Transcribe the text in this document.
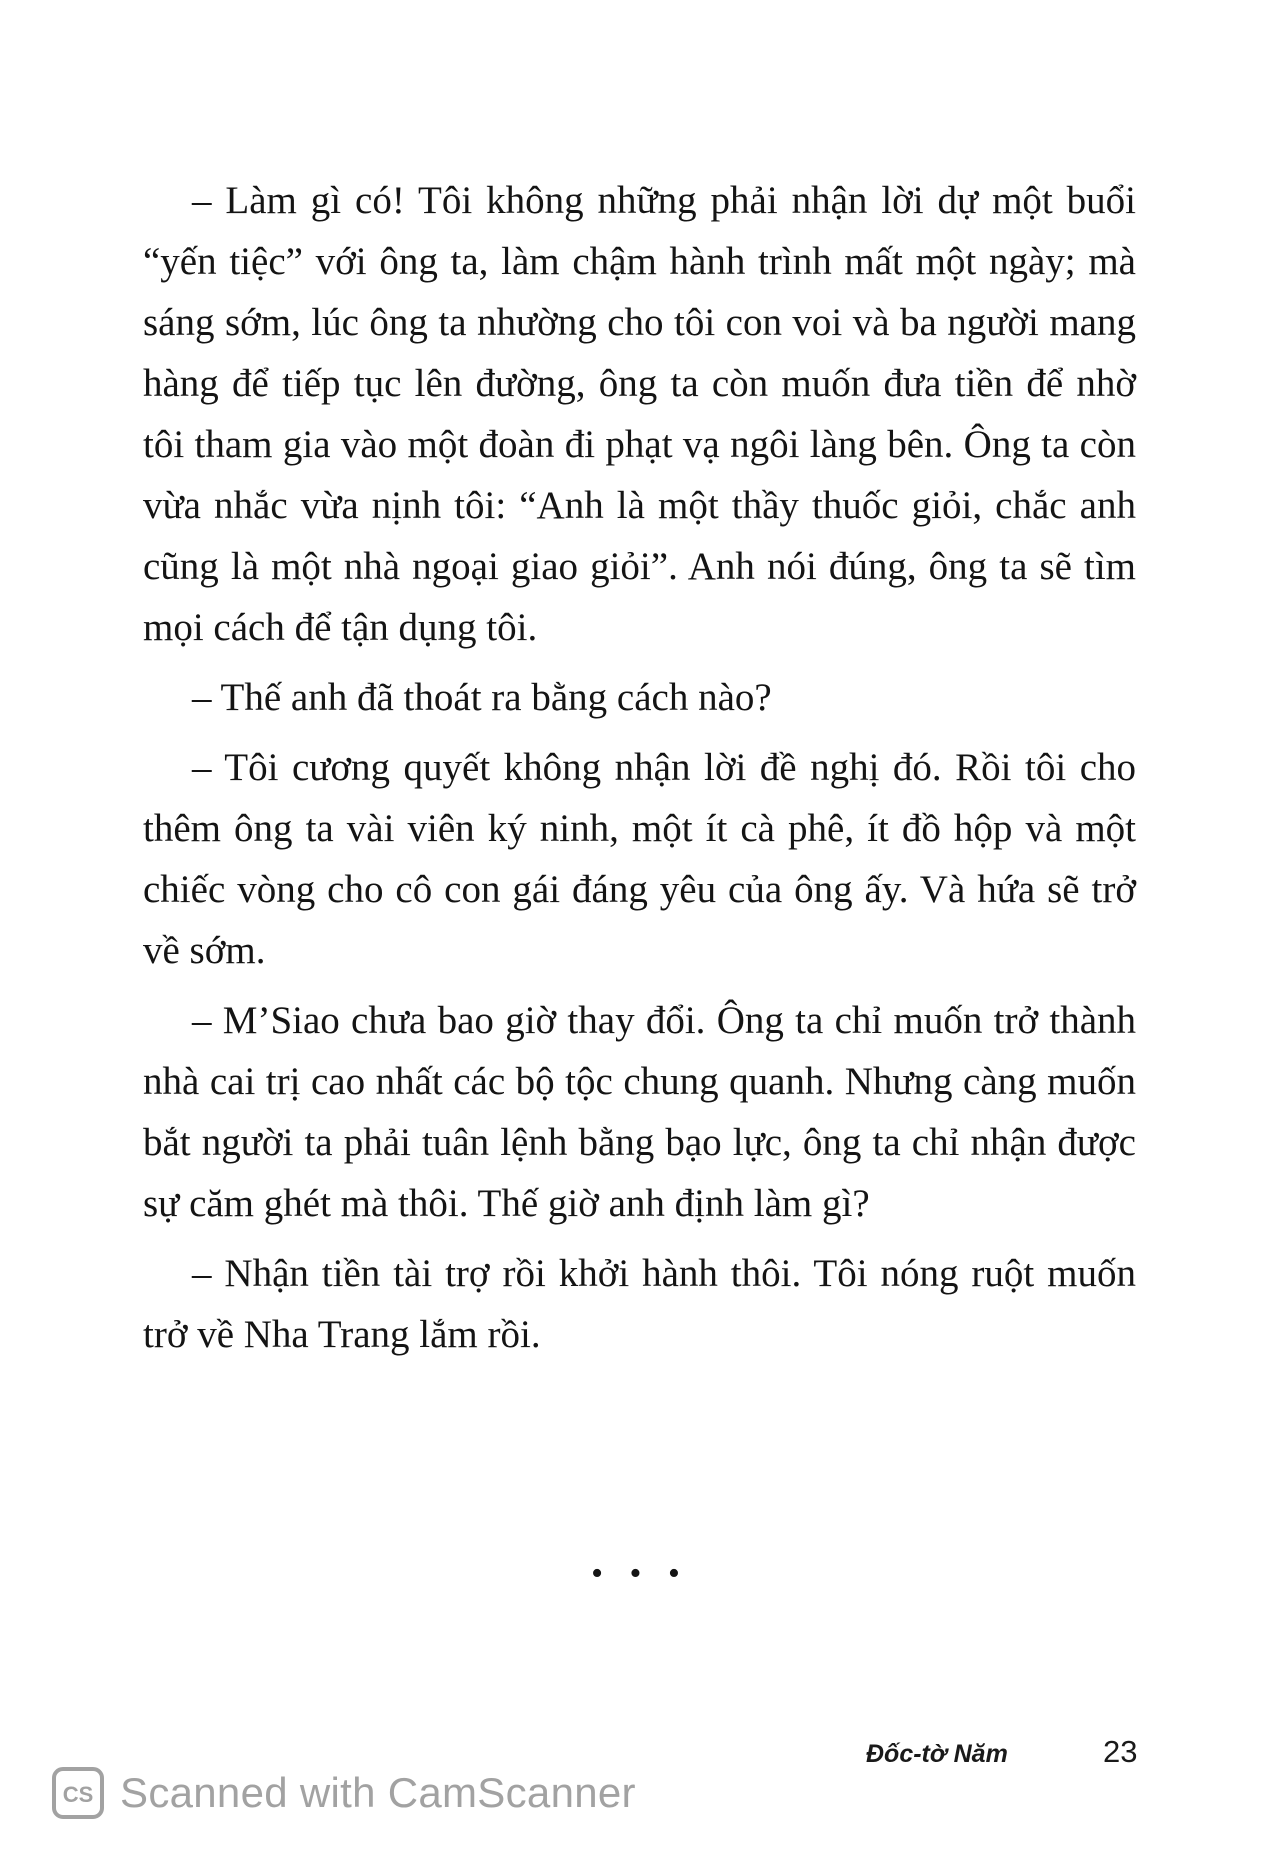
– Làm gì có! Tôi không những phải nhận lời dự một buổi “yến tiệc” với ông ta, làm chậm hành trình mất một ngày; mà sáng sớm, lúc ông ta nhường cho tôi con voi và ba người mang hàng để tiếp tục lên đường, ông ta còn muốn đưa tiền để nhờ tôi tham gia vào một đoàn đi phạt vạ ngôi làng bên. Ông ta còn vừa nhắc vừa nịnh tôi: “Anh là một thầy thuốc giỏi, chắc anh cũng là một nhà ngoại giao giỏi”. Anh nói đúng, ông ta sẽ tìm mọi cách để tận dụng tôi.

– Thế anh đã thoát ra bằng cách nào?

– Tôi cương quyết không nhận lời đề nghị đó. Rồi tôi cho thêm ông ta vài viên ký ninh, một ít cà phê, ít đồ hộp và một chiếc vòng cho cô con gái đáng yêu của ông ấy. Và hứa sẽ trở về sớm.

– M’Siao chưa bao giờ thay đổi. Ông ta chỉ muốn trở thành nhà cai trị cao nhất các bộ tộc chung quanh. Nhưng càng muốn bắt người ta phải tuân lệnh bằng bạo lực, ông ta chỉ nhận được sự căm ghét mà thôi. Thế giờ anh định làm gì?

– Nhận tiền tài trợ rồi khởi hành thôi. Tôi nóng ruột muốn trở về Nha Trang lắm rồi.

• • •
Đốc-tờ Năm	23
CS Scanned with CamScanner
